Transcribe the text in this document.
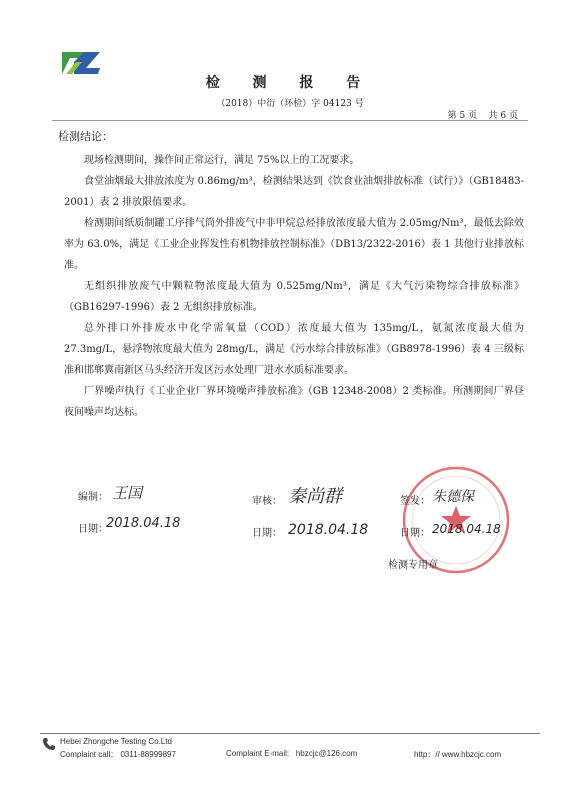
检 测 报 告
（2018）中衍（环检）字 04123 号
第 5 页 共 6 页
检测结论：
现场检测期间，操作间正常运行，满足 75%以上的工况要求。
食堂油烟最大排放浓度为 0.86mg/m³，检测结果达到《饮食业油烟排放标准（试行）》（GB18483-2001）表 2 排放限值要求。
检测期间纸质制罐工序排气筒外排废气中非甲烷总烃排放浓度最大值为 2.05mg/Nm³，最低去除效率为 63.0%，满足《工业企业挥发性有机物排放控制标准》（DB13/2322-2016）表 1 其他行业排放标准。
无组织排放废气中颗粒物浓度最大值为 0.525mg/Nm³，满足《大气污染物综合排放标准》（GB16297-1996）表 2 无组织排放标准。
总外排口外排废水中化学需氧量（COD）浓度最大值为 135mg/L，氨氮浓度最大值为 27.3mg/L，悬浮物浓度最大值为 28mg/L，满足《污水综合排放标准》（GB8978-1996）表 4 三级标准和邯郸冀南新区马头经济开发区污水处理厂进水水质标准要求。
厂界噪声执行《工业企业厂界环境噪声排放标准》（GB 12348-2008）2 类标准。所测期间厂界昼夜间噪声均达标。
编制： 王国
日期：
2018.04.18
审核： 秦尚群
日期： 2018.04.18
签发： 朱德保
日期： 2018.04.18
检测专用章
Hebei Zhongche Testing Co.Ltd
Complaint call： 0311-88999897	Complaint E-mail: hbzcjc@126.com	http：// www.hbzcjc.com
